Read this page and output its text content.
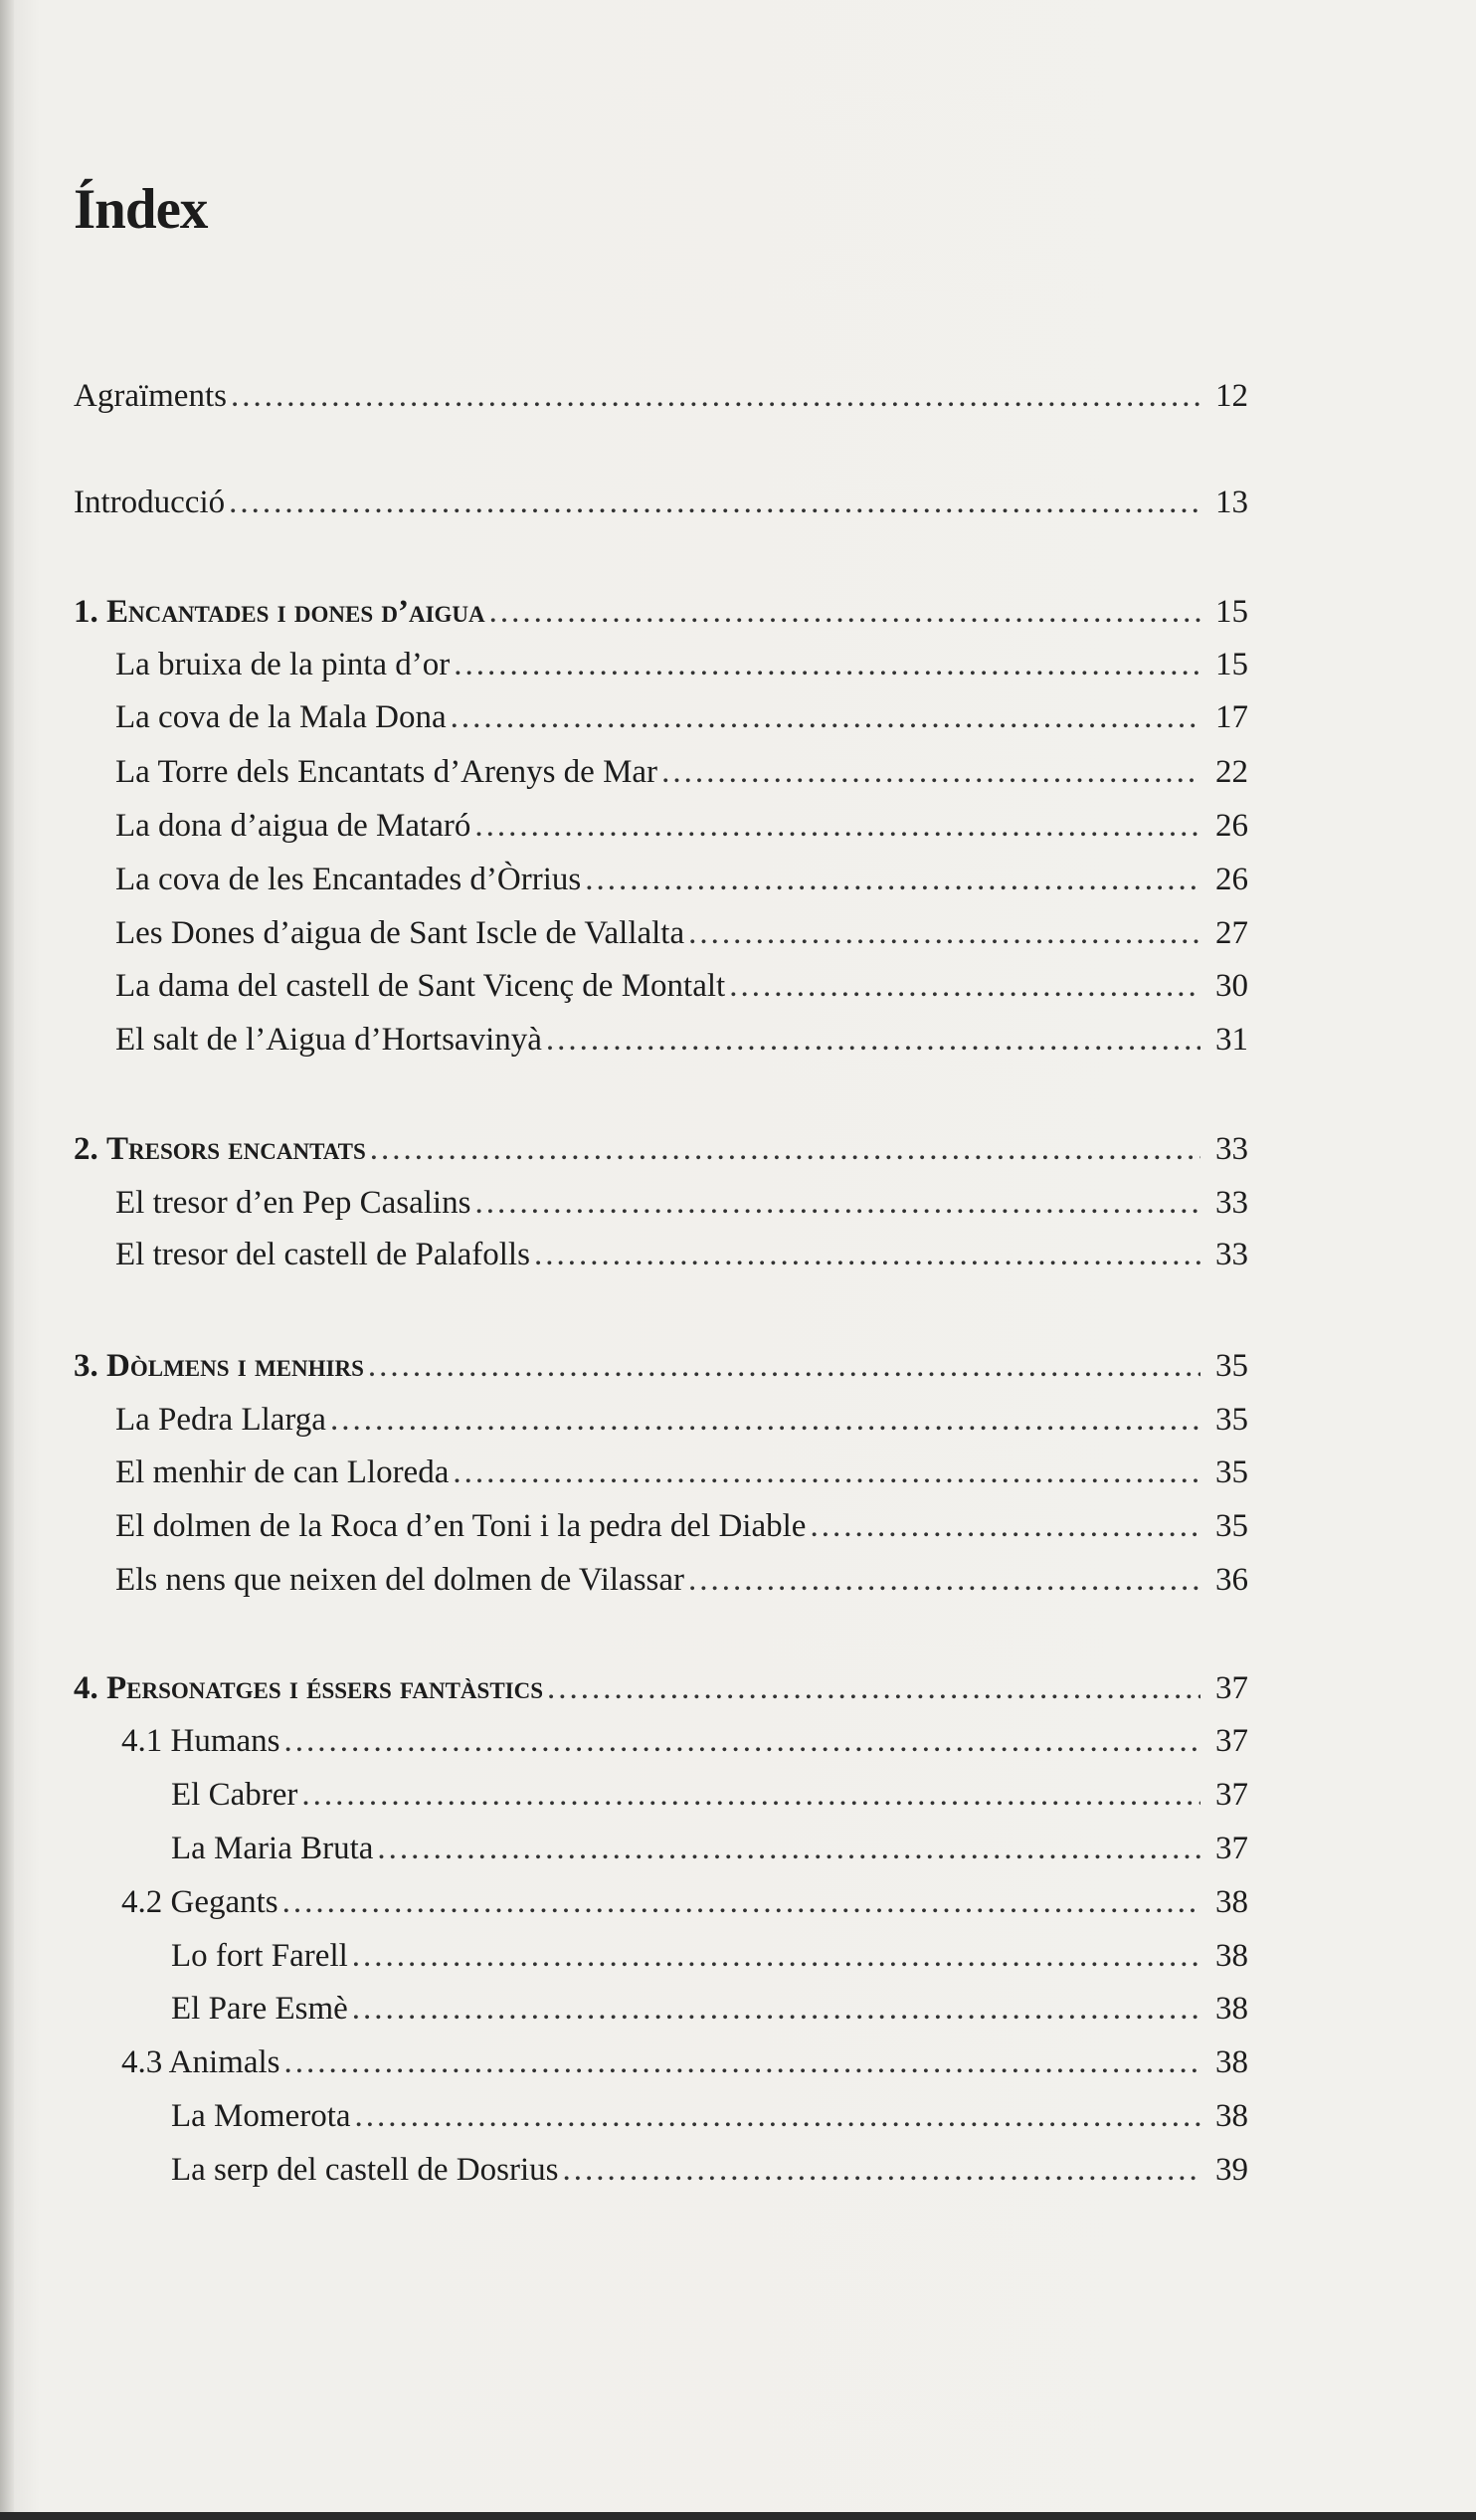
Índex
Agraïments .....	12
Introducció .....	13
1. Encantades i dones d’aigua .....	15
La bruixa de la pinta d’or .....	15
La cova de la Mala Dona .....	17
La Torre dels Encantats d’Arenys de Mar .....	22
La dona d’aigua de Mataró .....	26
La cova de les Encantades d’Òrrius .....	26
Les Dones d’aigua de Sant Iscle de Vallalta .....	27
La dama del castell de Sant Vicenç de Montalt .....	30
El salt de l’Aigua d’Hortsavinyà .....	31
2. Tresors encantats .....	33
El tresor d’en Pep Casalins .....	33
El tresor del castell de Palafolls .....	33
3. Dòlmens i menhirs .....	35
La Pedra Llarga .....	35
El menhir de can Lloreda .....	35
El dolmen de la Roca d’en Toni i la pedra del Diable .....	35
Els nens que neixen del dolmen de Vilassar .....	36
4. Personatges i éssers fantàstics .....	37
4.1 Humans .....	37
El Cabrer .....	37
La Maria Bruta .....	37
4.2 Gegants .....	38
Lo fort Farell .....	38
El Pare Esmè .....	38
4.3 Animals .....	38
La Momerota .....	38
La serp del castell de Dosrius .....	39
